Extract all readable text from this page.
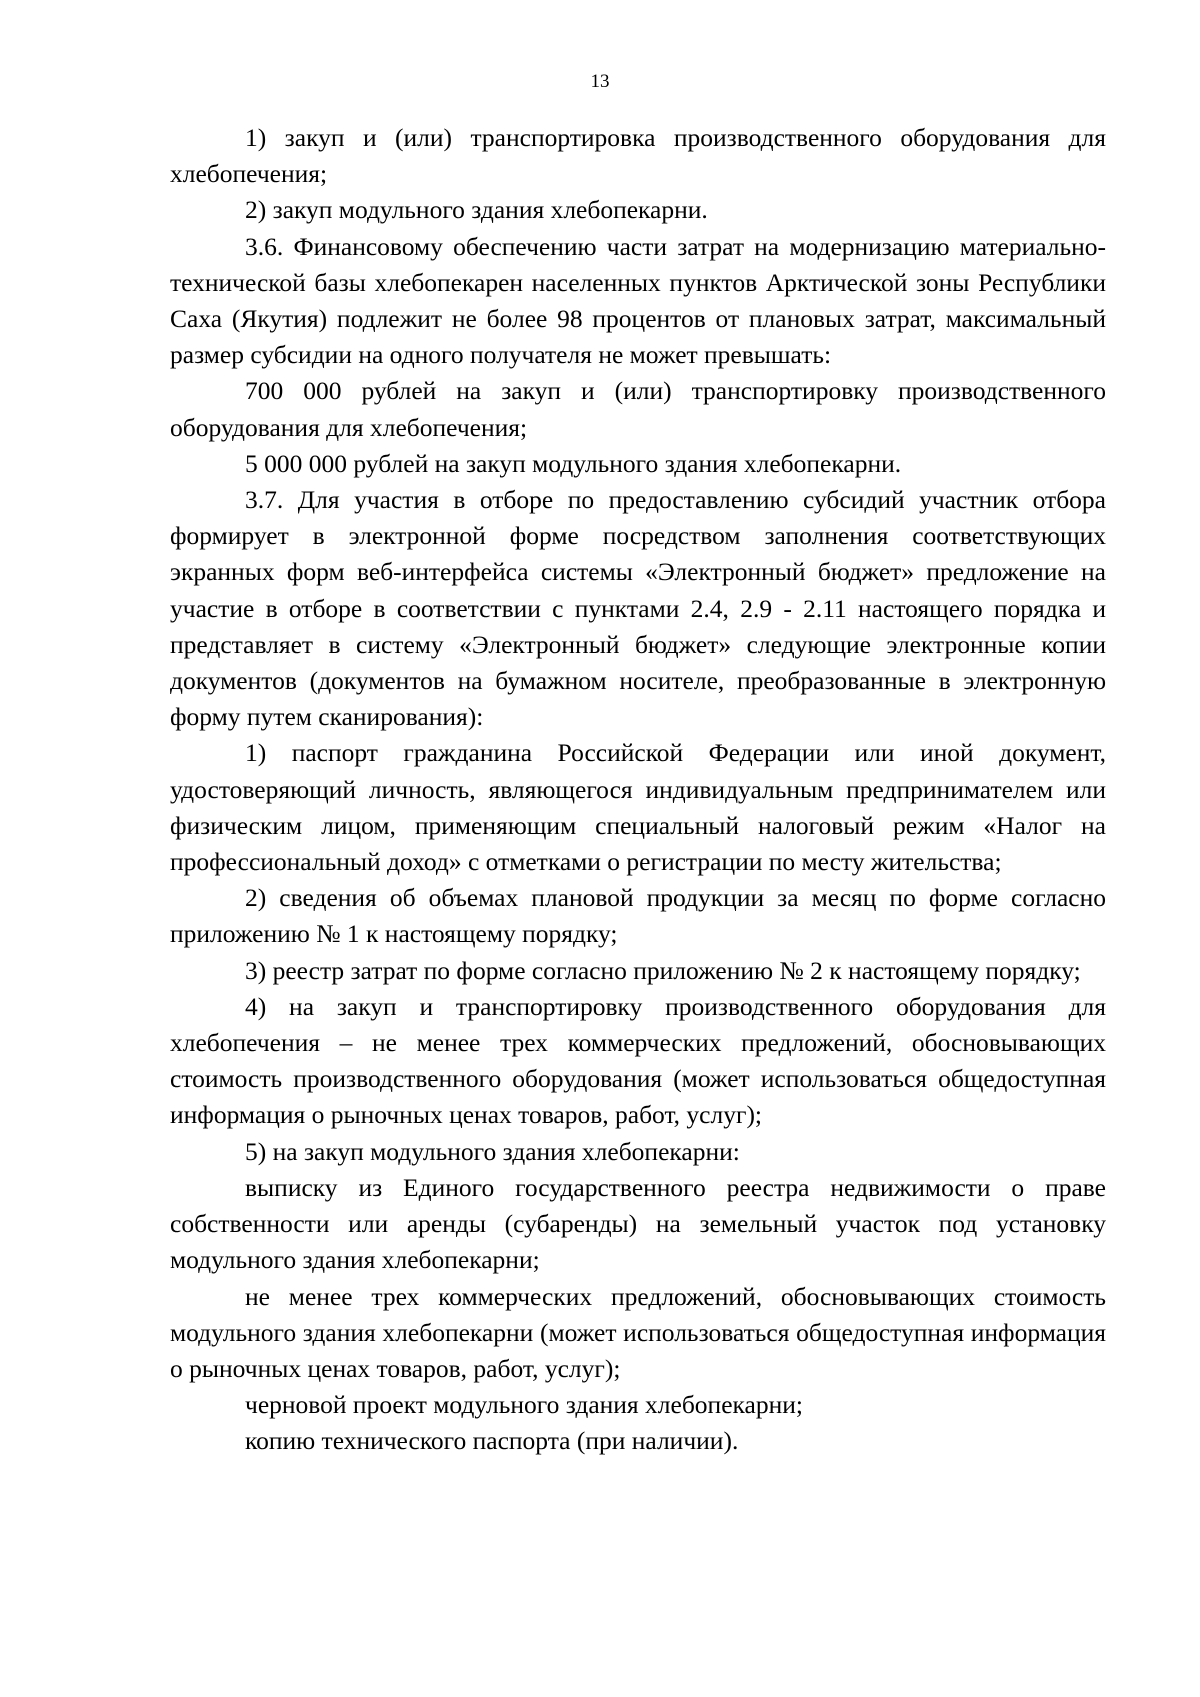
13

1) закуп и (или) транспортировка производственного оборудования для хлебопечения;

2) закуп модульного здания хлебопекарни.

3.6. Финансовому обеспечению части затрат на модернизацию материально-технической базы хлебопекарен населенных пунктов Арктической зоны Республики Саха (Якутия) подлежит не более 98 процентов от плановых затрат, максимальный размер субсидии на одного получателя не может превышать:

700 000 рублей на закуп и (или) транспортировку производственного оборудования для хлебопечения;

5 000 000 рублей на закуп модульного здания хлебопекарни.

3.7. Для участия в отборе по предоставлению субсидий участник отбора формирует в электронной форме посредством заполнения соответствующих экранных форм веб-интерфейса системы «Электронный бюджет» предложение на участие в отборе в соответствии с пунктами 2.4, 2.9 - 2.11 настоящего порядка и представляет в систему «Электронный бюджет» следующие электронные копии документов (документов на бумажном носителе, преобразованные в электронную форму путем сканирования):

1) паспорт гражданина Российской Федерации или иной документ, удостоверяющий личность, являющегося индивидуальным предпринимателем или физическим лицом, применяющим специальный налоговый режим «Налог на профессиональный доход» с отметками о регистрации по месту жительства;

2) сведения об объемах плановой продукции за месяц по форме согласно приложению № 1 к настоящему порядку;

3) реестр затрат по форме согласно приложению № 2 к настоящему порядку;

4) на закуп и транспортировку производственного оборудования для хлебопечения – не менее трех коммерческих предложений, обосновывающих стоимость производственного оборудования (может использоваться общедоступная информация о рыночных ценах товаров, работ, услуг);

5) на закуп модульного здания хлебопекарни:

выписку из Единого государственного реестра недвижимости о праве собственности или аренды (субаренды) на земельный участок под установку модульного здания хлебопекарни;

не менее трех коммерческих предложений, обосновывающих стоимость модульного здания хлебопекарни (может использоваться общедоступная информация о рыночных ценах товаров, работ, услуг);

черновой проект модульного здания хлебопекарни;

копию технического паспорта (при наличии).
